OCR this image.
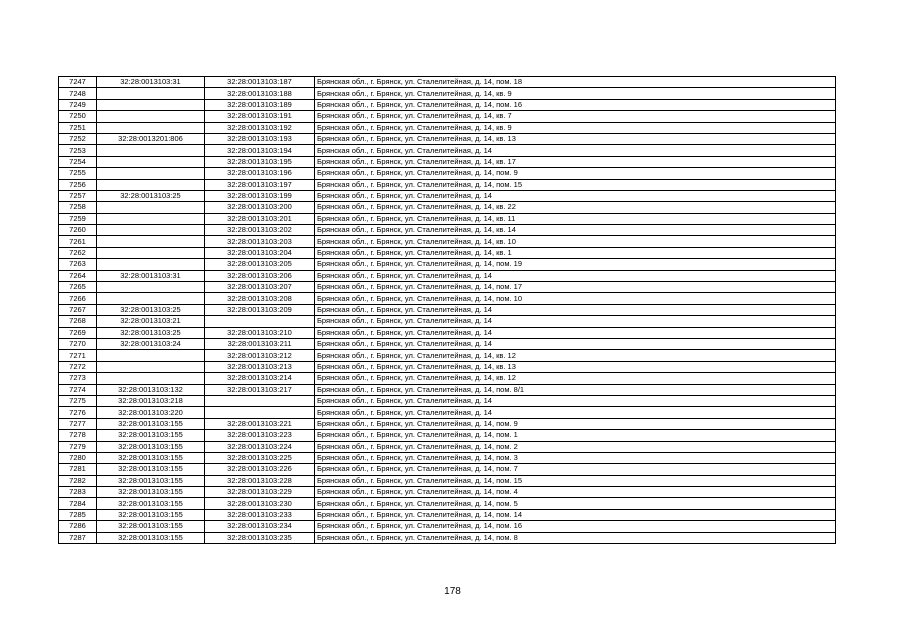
7247	32:28:0013103:31	32:28:0013103:187	Брянская обл., г. Брянск, ул. Сталелитейная, д. 14, пом. 18
7248		32:28:0013103:188	Брянская обл., г. Брянск, ул. Сталелитейная, д. 14, кв. 9
7249		32:28:0013103:189	Брянская обл., г. Брянск, ул. Сталелитейная, д. 14, пом. 16
7250		32:28:0013103:191	Брянская обл., г. Брянск, ул. Сталелитейная, д. 14, кв. 7
7251		32:28:0013103:192	Брянская обл., г. Брянск, ул. Сталелитейная, д. 14, кв. 9
7252	32:28:0013201:806	32:28:0013103:193	Брянская обл., г. Брянск, ул. Сталелитейная, д. 14, кв. 13
7253		32:28:0013103:194	Брянская обл., г. Брянск, ул. Сталелитейная, д. 14
7254		32:28:0013103:195	Брянская обл., г. Брянск, ул. Сталелитейная, д. 14, кв. 17
7255		32:28:0013103:196	Брянская обл., г. Брянск, ул. Сталелитейная, д. 14, пом. 9
7256		32:28:0013103:197	Брянская обл., г. Брянск, ул. Сталелитейная, д. 14, пом. 15
7257	32:28:0013103:25	32:28:0013103:199	Брянская обл., г. Брянск, ул. Сталелитейная, д. 14
7258		32:28:0013103:200	Брянская обл., г. Брянск, ул. Сталелитейная, д. 14, кв. 22
7259		32:28:0013103:201	Брянская обл., г. Брянск, ул. Сталелитейная, д. 14, кв. 11
7260		32:28:0013103:202	Брянская обл., г. Брянск, ул. Сталелитейная, д. 14, кв. 14
7261		32:28:0013103:203	Брянская обл., г. Брянск, ул. Сталелитейная, д. 14, кв. 10
7262		32:28:0013103:204	Брянская обл., г. Брянск, ул. Сталелитейная, д. 14, кв. 1
7263		32:28:0013103:205	Брянская обл., г. Брянск, ул. Сталелитейная, д. 14, пом. 19
7264	32:28:0013103:31	32:28:0013103:206	Брянская обл., г. Брянск, ул. Сталелитейная, д. 14
7265		32:28:0013103:207	Брянская обл., г. Брянск, ул. Сталелитейная, д. 14, пом. 17
7266		32:28:0013103:208	Брянская обл., г. Брянск, ул. Сталелитейная, д. 14, пом. 10
7267	32:28:0013103:25	32:28:0013103:209	Брянская обл., г. Брянск, ул. Сталелитейная, д. 14
7268	32:28:0013103:21		Брянская обл., г. Брянск, ул. Сталелитейная, д. 14
7269	32:28:0013103:25	32:28:0013103:210	Брянская обл., г. Брянск, ул. Сталелитейная, д. 14
7270	32:28:0013103:24	32:28:0013103:211	Брянская обл., г. Брянск, ул. Сталелитейная, д. 14
7271		32:28:0013103:212	Брянская обл., г. Брянск, ул. Сталелитейная, д. 14, кв. 12
7272		32:28:0013103:213	Брянская обл., г. Брянск, ул. Сталелитейная, д. 14, кв. 13
7273		32:28:0013103:214	Брянская обл., г. Брянск, ул. Сталелитейная, д. 14, кв. 12
7274	32:28:0013103:132	32:28:0013103:217	Брянская обл., г. Брянск, ул. Сталелитейная, д. 14, пом. 8/1
7275	32:28:0013103:218		Брянская обл., г. Брянск, ул. Сталелитейная, д. 14
7276	32:28:0013103:220		Брянская обл., г. Брянск, ул. Сталелитейная, д. 14
7277	32:28:0013103:155	32:28:0013103:221	Брянская обл., г. Брянск, ул. Сталелитейная, д. 14, пом. 9
7278	32:28:0013103:155	32:28:0013103:223	Брянская обл., г. Брянск, ул. Сталелитейная, д. 14, пом. 1
7279	32:28:0013103:155	32:28:0013103:224	Брянская обл., г. Брянск, ул. Сталелитейная, д. 14, пом. 2
7280	32:28:0013103:155	32:28:0013103:225	Брянская обл., г. Брянск, ул. Сталелитейная, д. 14, пом. 3
7281	32:28:0013103:155	32:28:0013103:226	Брянская обл., г. Брянск, ул. Сталелитейная, д. 14, пом. 7
7282	32:28:0013103:155	32:28:0013103:228	Брянская обл., г. Брянск, ул. Сталелитейная, д. 14, пом. 15
7283	32:28:0013103:155	32:28:0013103:229	Брянская обл., г. Брянск, ул. Сталелитейная, д. 14, пом. 4
7284	32:28:0013103:155	32:28:0013103:230	Брянская обл., г. Брянск, ул. Сталелитейная, д. 14, пом. 5
7285	32:28:0013103:155	32:28:0013103:233	Брянская обл., г. Брянск, ул. Сталелитейная, д. 14, пом. 14
7286	32:28:0013103:155	32:28:0013103:234	Брянская обл., г. Брянск, ул. Сталелитейная, д. 14, пом. 16
7287	32:28:0013103:155	32:28:0013103:235	Брянская обл., г. Брянск, ул. Сталелитейная, д. 14, пом. 8
178
